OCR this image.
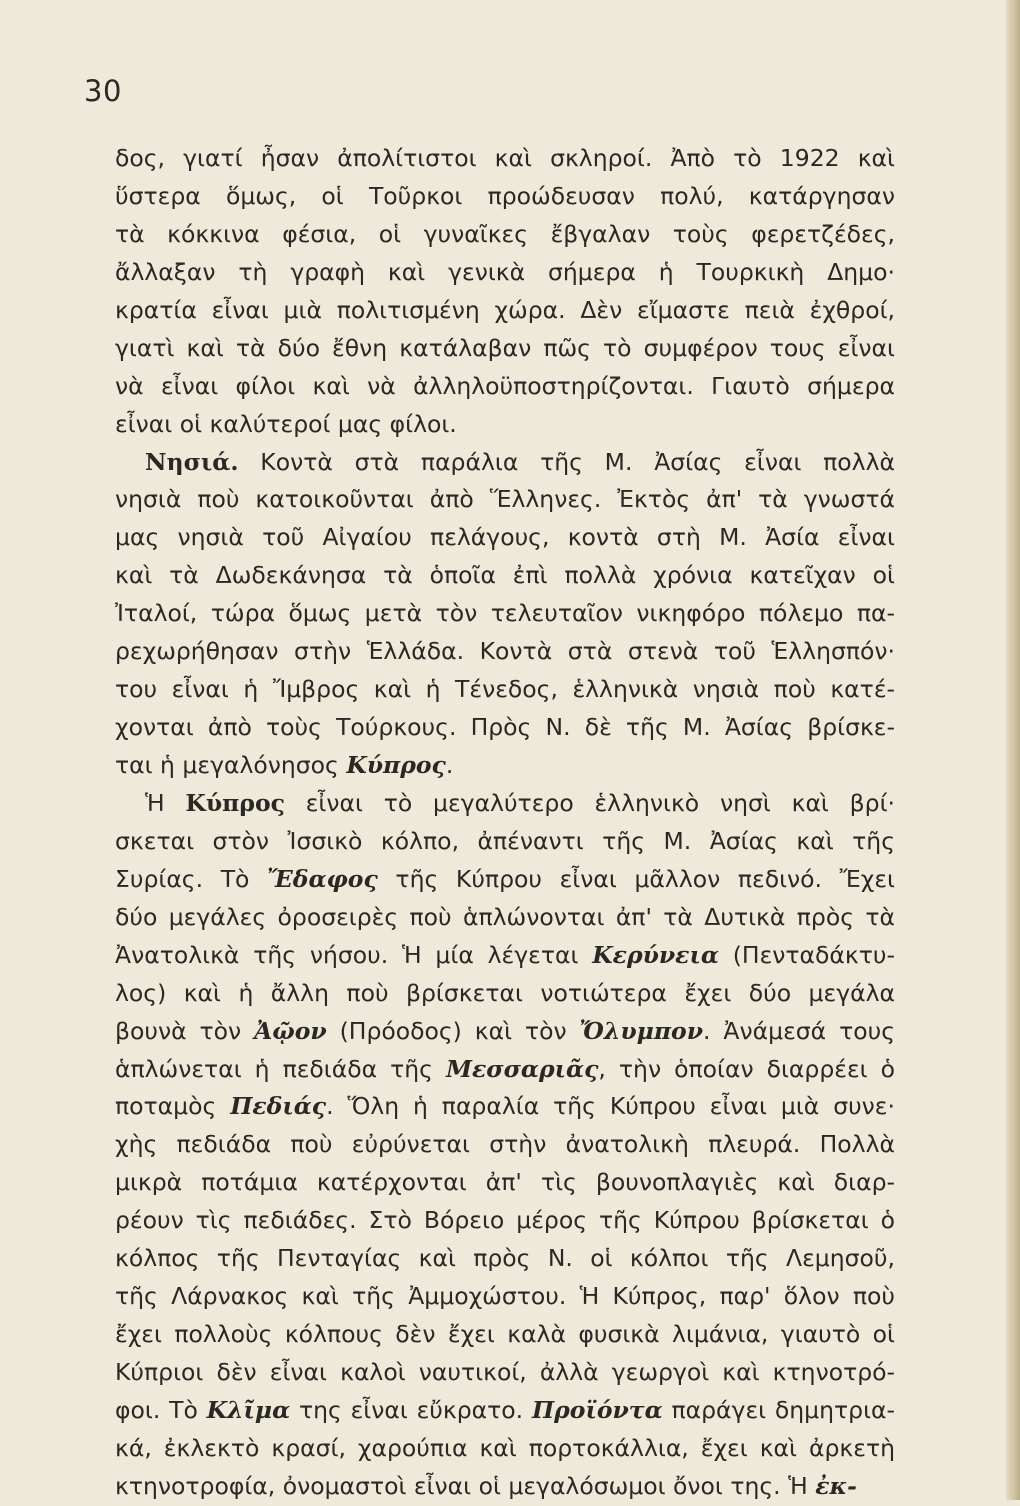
30
δος, γιατί ἦσαν ἀπολίτιστοι καὶ σκληροί. Ἀπὸ τὸ 1922 καὶ
ὕστερα ὅμως, οἱ Τοῦρκοι προώδευσαν πολύ, κατάργησαν
τὰ κόκκινα φέσια, οἱ γυναῖκες ἔβγαλαν τοὺς φερετζέδες,
ἄλλαξαν τὴ γραφὴ καὶ γενικὰ σήμερα ἡ Τουρκικὴ Δημο·
κρατία εἶναι μιὰ πολιτισμένη χώρα. Δὲν εἴμαστε πειὰ ἐχθροί,
γιατὶ καὶ τὰ δύο ἔθνη κατάλαβαν πῶς τὸ συμφέρον τους εἶναι
νὰ εἶναι φίλοι καὶ νὰ ἀλληλοϋποστηρίζονται. Γιαυτὸ σήμερα
εἶναι οἱ καλύτεροί μας φίλοι.
Νησιά. Κοντὰ στὰ παράλια τῆς Μ. Ἀσίας εἶναι πολλὰ
νησιὰ ποὺ κατοικοῦνται ἀπὸ Ἕλληνες. Ἐκτὸς ἀπ' τὰ γνωστά
μας νησιὰ τοῦ Αἰγαίου πελάγους, κοντὰ στὴ Μ. Ἀσία εἶναι
καὶ τὰ Δωδεκάνησα τὰ ὁποῖα ἐπὶ πολλὰ χρόνια κατεῖχαν οἱ
Ἰταλοί, τώρα ὅμως μετὰ τὸν τελευταῖον νικηφόρο πόλεμο πα-
ρεχωρήθησαν στὴν Ἑλλάδα. Κοντὰ στὰ στενὰ τοῦ Ἑλλησπόν·
του εἶναι ἡ Ἴμβρος καὶ ἡ Τένεδος, ἑλληνικὰ νησιὰ ποὺ κατέ-
χονται ἀπὸ τοὺς Τούρκους. Πρὸς Ν. δὲ τῆς Μ. Ἀσίας βρίσκε-
ται ἡ μεγαλόνησος Κύπρος.
Ἡ Κύπρος εἶναι τὸ μεγαλύτερο ἑλληνικὸ νησὶ καὶ βρί·
σκεται στὸν Ἰσσικὸ κόλπο, ἀπέναντι τῆς Μ. Ἀσίας καὶ τῆς
Συρίας. Τὸ Ἔδαφος τῆς Κύπρου εἶναι μᾶλλον πεδινό. Ἔχει
δύο μεγάλες ὀροσειρὲς ποὺ ἁπλώνονται ἀπ' τὰ Δυτικὰ πρὸς τὰ
Ἀνατολικὰ τῆς νήσου. Ἡ μία λέγεται Κερύνεια (Πενταδάκτυ-
λος) καὶ ἡ ἄλλη ποὺ βρίσκεται νοτιώτερα ἔχει δύο μεγάλα
βουνὰ τὸν Ἀῷον (Πρόοδος) καὶ τὸν Ὄλυμπον. Ἀνάμεσά τους
ἁπλώνεται ἡ πεδιάδα τῆς Μεσσαριᾶς, τὴν ὁποίαν διαρρέει ὁ
ποταμὸς Πεδιάς. Ὅλη ἡ παραλία τῆς Κύπρου εἶναι μιὰ συνε·
χὴς πεδιάδα ποὺ εὐρύνεται στὴν ἀνατολικὴ πλευρά. Πολλὰ
μικρὰ ποτάμια κατέρχονται ἀπ' τὶς βουνοπλαγιὲς καὶ διαρ-
ρέουν τὶς πεδιάδες. Στὸ Βόρειο μέρος τῆς Κύπρου βρίσκεται ὁ
κόλπος τῆς Πενταγίας καὶ πρὸς Ν. οἱ κόλποι τῆς Λεμησοῦ,
τῆς Λάρνακος καὶ τῆς Ἀμμοχώστου. Ἡ Κύπρος, παρ' ὅλον ποὺ
ἔχει πολλοὺς κόλπους δὲν ἔχει καλὰ φυσικὰ λιμάνια, γιαυτὸ οἱ
Κύπριοι δὲν εἶναι καλοὶ ναυτικοί, ἀλλὰ γεωργοὶ καὶ κτηνοτρό-
φοι. Τὸ Κλῖμα της εἶναι εὔκρατο. Προϊόντα παράγει δημητρια-
κά, ἐκλεκτὸ κρασί, χαρούπια καὶ πορτοκάλλια, ἔχει καὶ ἀρκετὴ
κτηνοτροφία, ὀνομαστοὶ εἶναι οἱ μεγαλόσωμοι ὄνοι της. Ἡ ἐκ-
